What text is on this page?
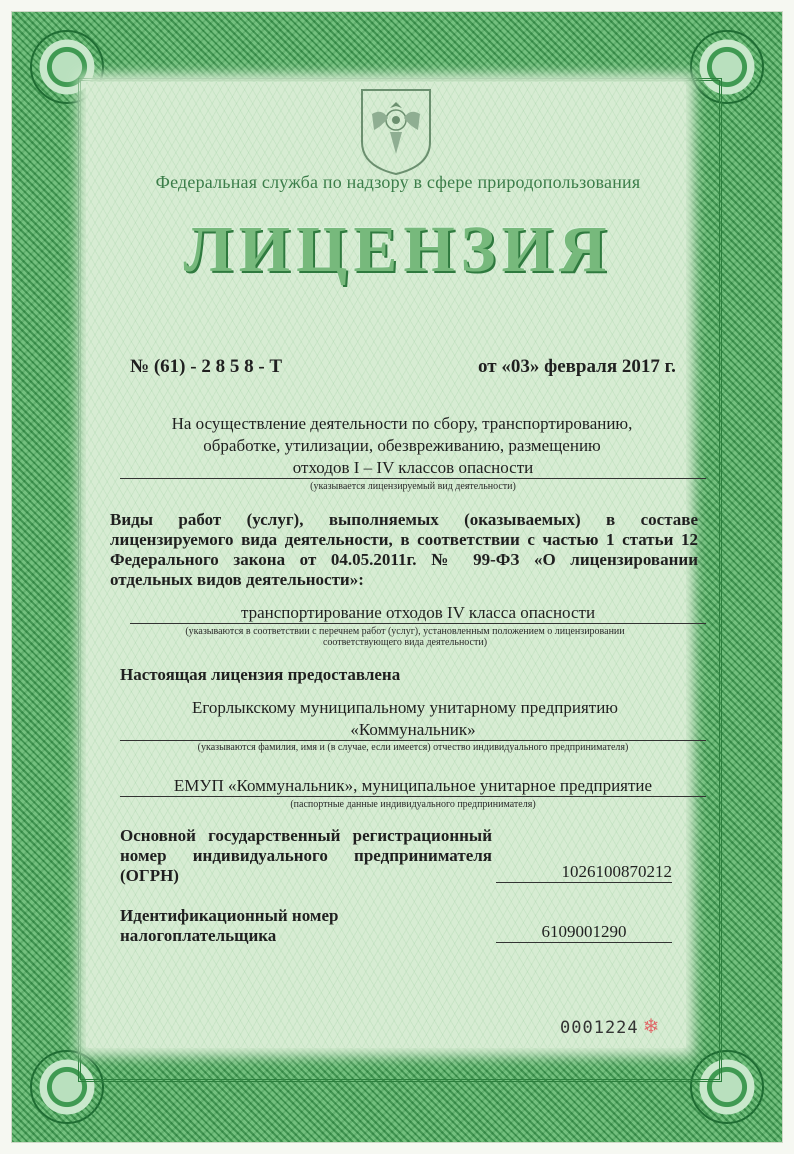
Федеральная служба по надзору в сфере природопользования
ЛИЦЕНЗИЯ
№ (61) - 2 8 5 8 - Т	от «03» февраля 2017 г.
На осуществление деятельности по сбору, транспортированию,
обработке, утилизации, обезвреживанию, размещению
отходов I – IV классов опасности
(указывается лицензируемый вид деятельности)
Виды работ (услуг), выполняемых (оказываемых) в составе лицензируемого вида деятельности, в соответствии с частью 1 статьи 12 Федерального закона от 04.05.2011г. № 99-ФЗ «О лицензировании отдельных видов деятельности»:
транспортирование отходов IV класса опасности
(указываются в соответствии с перечнем работ (услуг), установленным положением о лицензировании соответствующего вида деятельности)
Настоящая лицензия предоставлена
Егорлыкскому муниципальному унитарному предприятию
«Коммунальник»
(указываются фамилия, имя и (в случае, если имеется) отчество индивидуального предпринимателя)
ЕМУП «Коммунальник», муниципальное унитарное предприятие
(паспортные данные индивидуального предпринимателя)
Основной государственный регистрационный номер индивидуального предпринимателя (ОГРН)	1026100870212
Идентификационный номер налогоплательщика	6109001290
0001224 ❄
